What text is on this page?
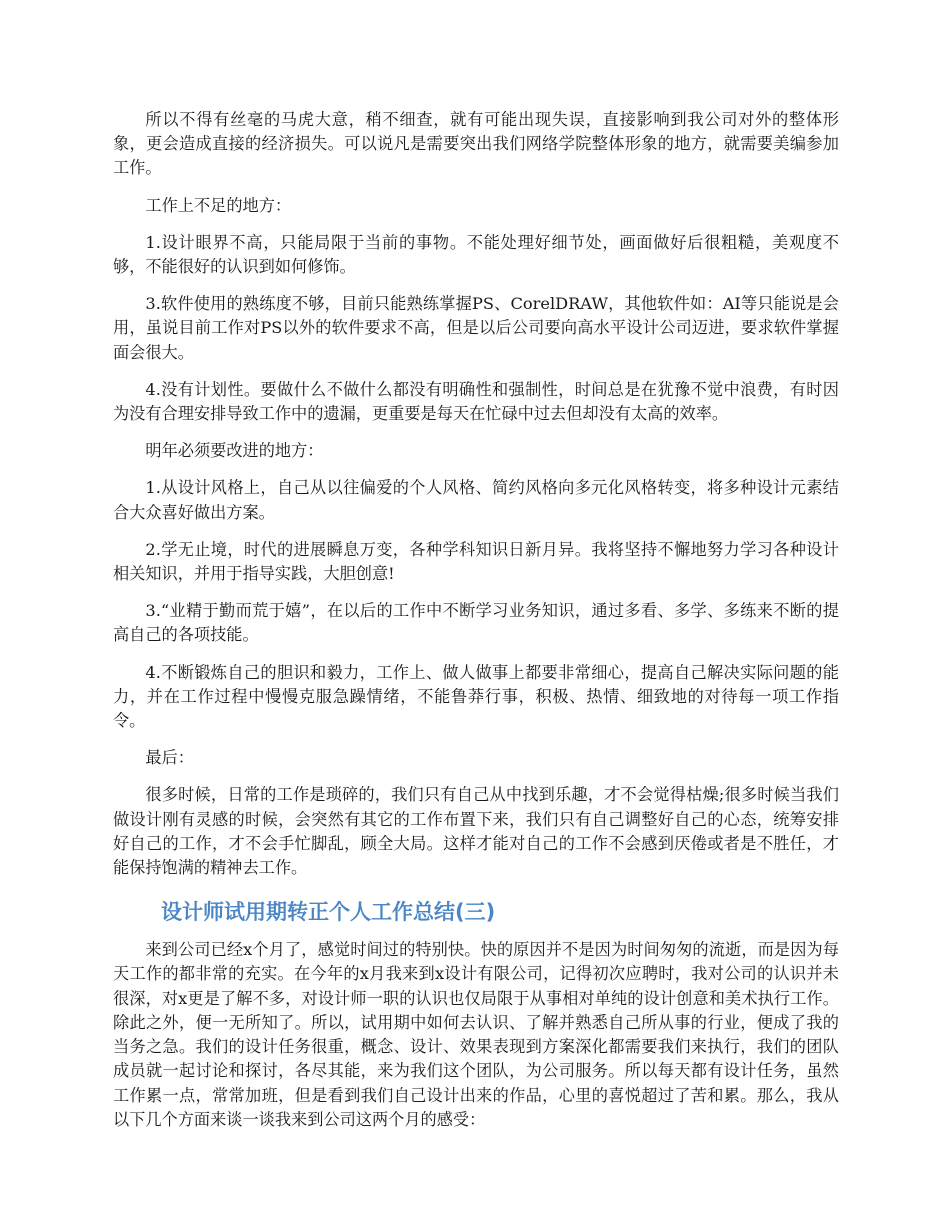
所以不得有丝毫的马虎大意，稍不细查，就有可能出现失误，直接影响到我公司对外的整体形象，更会造成直接的经济损失。可以说凡是需要突出我们网络学院整体形象的地方，就需要美编参加工作。

工作上不足的地方：

1.设计眼界不高，只能局限于当前的事物。不能处理好细节处，画面做好后很粗糙，美观度不够，不能很好的认识到如何修饰。

3.软件使用的熟练度不够，目前只能熟练掌握PS、CorelDRAW，其他软件如：AI等只能说是会用，虽说目前工作对PS以外的软件要求不高，但是以后公司要向高水平设计公司迈进，要求软件掌握面会很大。

4.没有计划性。要做什么不做什么都没有明确性和强制性，时间总是在犹豫不觉中浪费，有时因为没有合理安排导致工作中的遗漏，更重要是每天在忙碌中过去但却没有太高的效率。

明年必须要改进的地方：

1.从设计风格上，自己从以往偏爱的个人风格、简约风格向多元化风格转变，将多种设计元素结合大众喜好做出方案。

2.学无止境，时代的进展瞬息万变，各种学科知识日新月异。我将坚持不懈地努力学习各种设计相关知识，并用于指导实践，大胆创意!

3.“业精于勤而荒于嬉”，在以后的工作中不断学习业务知识，通过多看、多学、多练来不断的提高自己的各项技能。

4.不断锻炼自己的胆识和毅力，工作上、做人做事上都要非常细心，提高自己解决实际问题的能力，并在工作过程中慢慢克服急躁情绪，不能鲁莽行事，积极、热情、细致地的对待每一项工作指令。

最后：

很多时候，日常的工作是琐碎的，我们只有自己从中找到乐趣，才不会觉得枯燥;很多时候当我们做设计刚有灵感的时候，会突然有其它的工作布置下来，我们只有自己调整好自己的心态，统筹安排好自己的工作，才不会手忙脚乱，顾全大局。这样才能对自己的工作不会感到厌倦或者是不胜任，才能保持饱满的精神去工作。

设计师试用期转正个人工作总结(三)

来到公司已经x个月了，感觉时间过的特别快。快的原因并不是因为时间匆匆的流逝，而是因为每天工作的都非常的充实。在今年的x月我来到x设计有限公司，记得初次应聘时，我对公司的认识并未很深，对x更是了解不多，对设计师一职的认识也仅局限于从事相对单纯的设计创意和美术执行工作。除此之外，便一无所知了。所以，试用期中如何去认识、了解并熟悉自己所从事的行业，便成了我的当务之急。我们的设计任务很重，概念、设计、效果表现到方案深化都需要我们来执行，我们的团队成员就一起讨论和探讨，各尽其能，来为我们这个团队，为公司服务。所以每天都有设计任务，虽然工作累一点，常常加班，但是看到我们自己设计出来的作品，心里的喜悦超过了苦和累。那么，我从以下几个方面来谈一谈我来到公司这两个月的感受：
